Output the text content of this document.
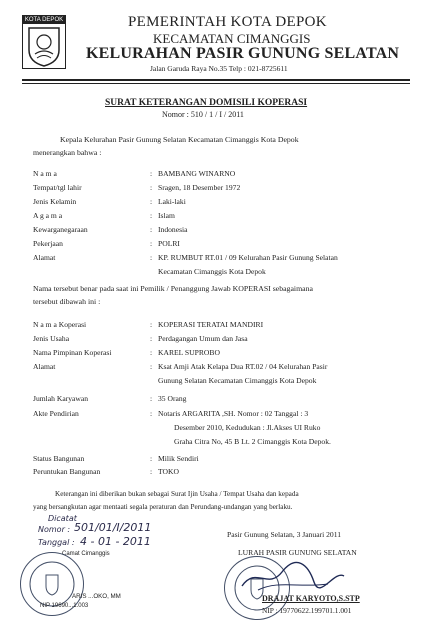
KOTA DEPOK	PEMERINTAH KOTA DEPOK
KECAMATAN CIMANGGIS
KELURAHAN PASIR GUNUNG SELATAN
Jalan Garuda Raya No.35 Telp : 021-8725611
SURAT KETERANGAN DOMISILI KOPERASI
Nomor : 510 / 1 / I / 2011
Kepala Kelurahan Pasir Gunung Selatan Kecamatan Cimanggis Kota Depok
menerangkan bahwa :
N a m a	: BAMBANG WINARNO
Tempat/tgl lahir	: Sragen, 18 Desember 1972
Jenis Kelamin	: Laki-laki
A g a m a	: Islam
Kewarganegaraan	: Indonesia
Pekerjaan	: POLRI
Alamat	: KP. RUMBUT RT.01 / 09 Kelurahan Pasir Gunung Selatan
Kecamatan Cimanggis Kota Depok
Nama tersebut benar pada saat ini Pemilik / Penanggung Jawab KOPERASI sebagaimana
tersebut dibawah ini :
N a m a Koperasi	: KOPERASI TERATAI MANDIRI
Jenis Usaha	: Perdagangan Umum dan Jasa
Nama Pimpinan Koperasi	: KAREL SUPROBO
Alamat	: Ksat Amji Atak Kelapa Dua RT.02 / 04 Kelurahan Pasir
Gunung Selatan Kecamatan Cimanggis Kota Depok
Jumlah Karyawan	: 35 Orang
Akte Pendirian	: Notaris ARGARITA ,SH. Nomor : 02 Tanggal : 3
Desember 2010, Kedudukan : Jl.Akses UI Ruko
Graha Citra No, 45 B Lt. 2 Cimanggis Kota Depok.
Status Bangunan	: Milik Sendiri
Peruntukan Bangunan	: TOKO
Keterangan ini diberikan bukan sebagai Surat Ijin Usaha / Tempat Usaha dan kepada
yang bersangkutan agar mentaati segala peraturan dan Perundang-undangan yang berlaku.
Dicatat
Nomor : 501/01/I/2011
Tanggal : 4 - 01 - 2011
Camat Cimanggis
ARIS ...OKO, MM
NIP 19690...1.003
Pasir Gunung Selatan, 3 Januari 2011
LURAH PASIR GUNUNG SELATAN
DRAJAT KARYOTO,S.STP
NIP : 19770622.199701.1.001
